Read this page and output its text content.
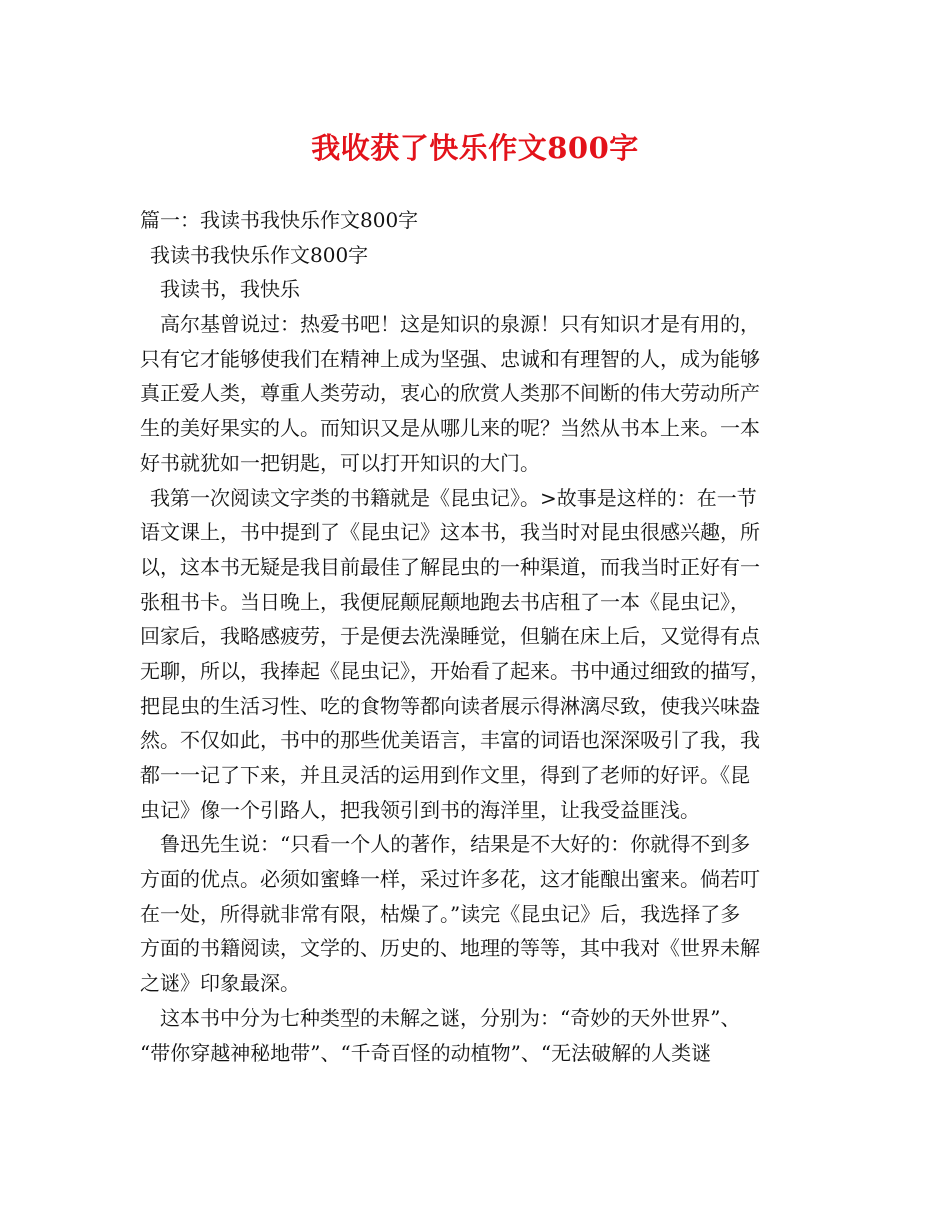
我收获了快乐作文800字
篇一：我读书我快乐作文800字
我读书我快乐作文800字
我读书，我快乐
高尔基曾说过：热爱书吧！这是知识的泉源！只有知识才是有用的，
只有它才能够使我们在精神上成为坚强、忠诚和有理智的人，成为能够
真正爱人类，尊重人类劳动，衷心的欣赏人类那不间断的伟大劳动所产
生的美好果实的人。而知识又是从哪儿来的呢？当然从书本上来。一本
好书就犹如一把钥匙，可以打开知识的大门。
我第一次阅读文字类的书籍就是《昆虫记》。>故事是这样的：在一节
语文课上，书中提到了《昆虫记》这本书，我当时对昆虫很感兴趣，所
以，这本书无疑是我目前最佳了解昆虫的一种渠道，而我当时正好有一
张租书卡。当日晚上，我便屁颠屁颠地跑去书店租了一本《昆虫记》，
回家后，我略感疲劳，于是便去洗澡睡觉，但躺在床上后，又觉得有点
无聊，所以，我捧起《昆虫记》，开始看了起来。书中通过细致的描写，
把昆虫的生活习性、吃的食物等都向读者展示得淋漓尽致，使我兴味盎
然。不仅如此，书中的那些优美语言，丰富的词语也深深吸引了我，我
都一一记了下来，并且灵活的运用到作文里，得到了老师的好评。《昆
虫记》像一个引路人，把我领引到书的海洋里，让我受益匪浅。
鲁迅先生说：“只看一个人的著作，结果是不大好的：你就得不到多
方面的优点。必须如蜜蜂一样，采过许多花，这才能酿出蜜来。倘若叮
在一处，所得就非常有限，枯燥了。”读完《昆虫记》后，我选择了多
方面的书籍阅读，文学的、历史的、地理的等等，其中我对《世界未解
之谜》印象最深。
这本书中分为七种类型的未解之谜，分别为：“奇妙的天外世界”、
“带你穿越神秘地带”、“千奇百怪的动植物”、“无法破解的人类谜
